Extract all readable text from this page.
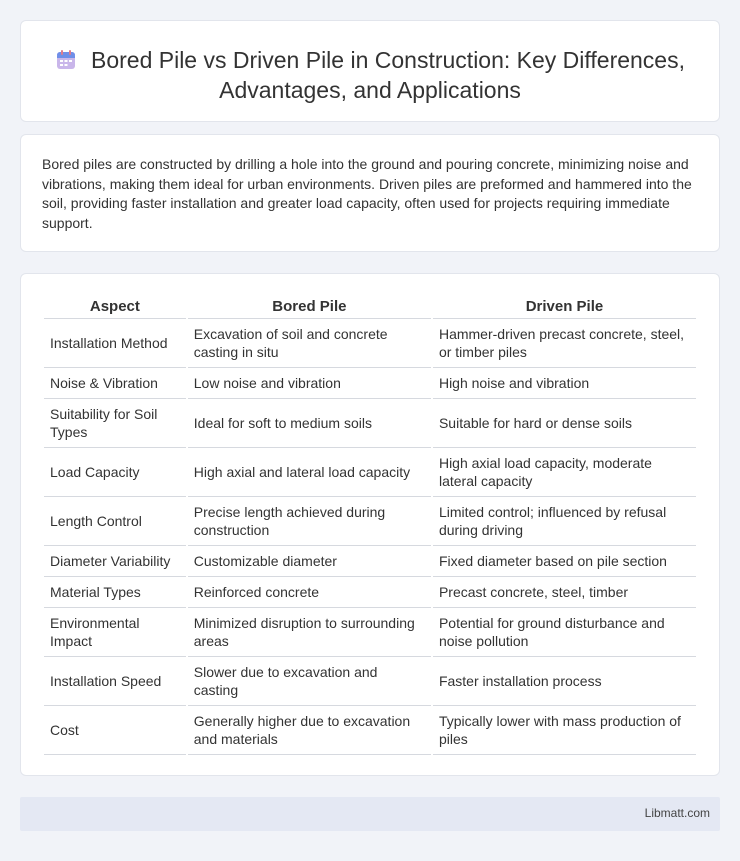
Bored Pile vs Driven Pile in Construction: Key Differences, Advantages, and Applications

Bored piles are constructed by drilling a hole into the ground and pouring concrete, minimizing noise and vibrations, making them ideal for urban environments. Driven piles are preformed and hammered into the soil, providing faster installation and greater load capacity, often used for projects requiring immediate support.

Aspect	Bored Pile	Driven Pile
Installation Method	Excavation of soil and concrete casting in situ	Hammer-driven precast concrete, steel, or timber piles
Noise & Vibration	Low noise and vibration	High noise and vibration
Suitability for Soil Types	Ideal for soft to medium soils	Suitable for hard or dense soils
Load Capacity	High axial and lateral load capacity	High axial load capacity, moderate lateral capacity
Length Control	Precise length achieved during construction	Limited control; influenced by refusal during driving
Diameter Variability	Customizable diameter	Fixed diameter based on pile section
Material Types	Reinforced concrete	Precast concrete, steel, timber
Environmental Impact	Minimized disruption to surrounding areas	Potential for ground disturbance and noise pollution
Installation Speed	Slower due to excavation and casting	Faster installation process
Cost	Generally higher due to excavation and materials	Typically lower with mass production of piles
Libmatt.com
